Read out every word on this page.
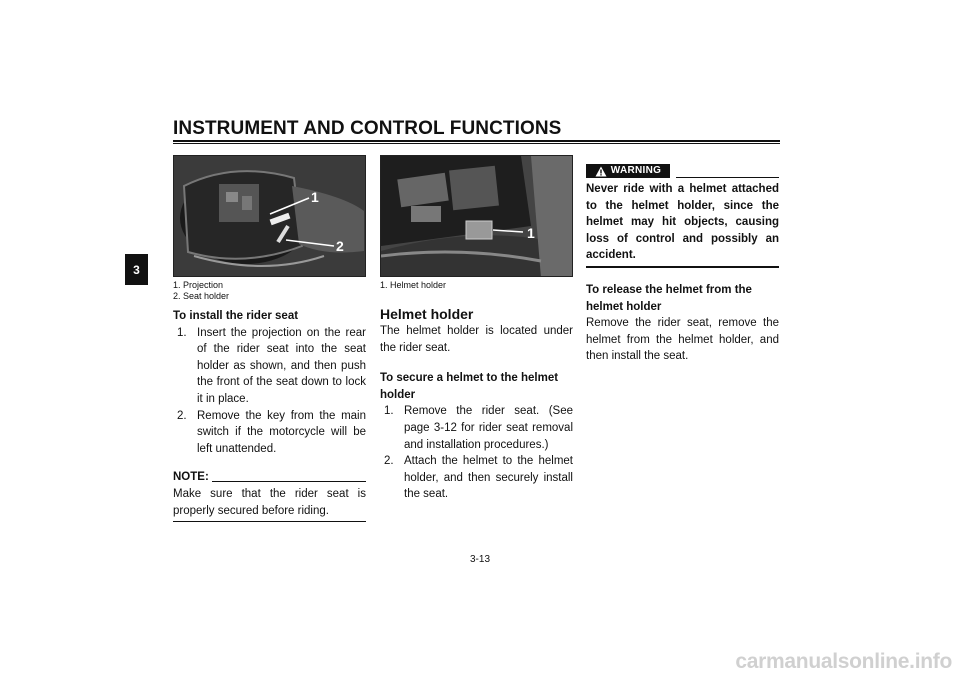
INSTRUMENT AND CONTROL FUNCTIONS
3
1
2
1. Projection
2. Seat holder
To install the rider seat
1. Insert the projection on the rear of the rider seat into the seat holder as shown, and then push the front of the seat down to lock it in place.
2. Remove the key from the main switch if the motorcycle will be left unattended.
NOTE:
Make sure that the rider seat is properly secured before riding.
1
1. Helmet holder
Helmet holder
The helmet holder is located under the rider seat.
To secure a helmet to the helmet holder
1. Remove the rider seat. (See page 3-12 for rider seat removal and installation procedures.)
2. Attach the helmet to the helmet holder, and then securely install the seat.
WARNING
Never ride with a helmet attached to the helmet holder, since the helmet may hit objects, causing loss of control and possibly an accident.
To release the helmet from the helmet holder
Remove the rider seat, remove the helmet from the helmet holder, and then install the seat.
3-13
carmanualsonline.info
